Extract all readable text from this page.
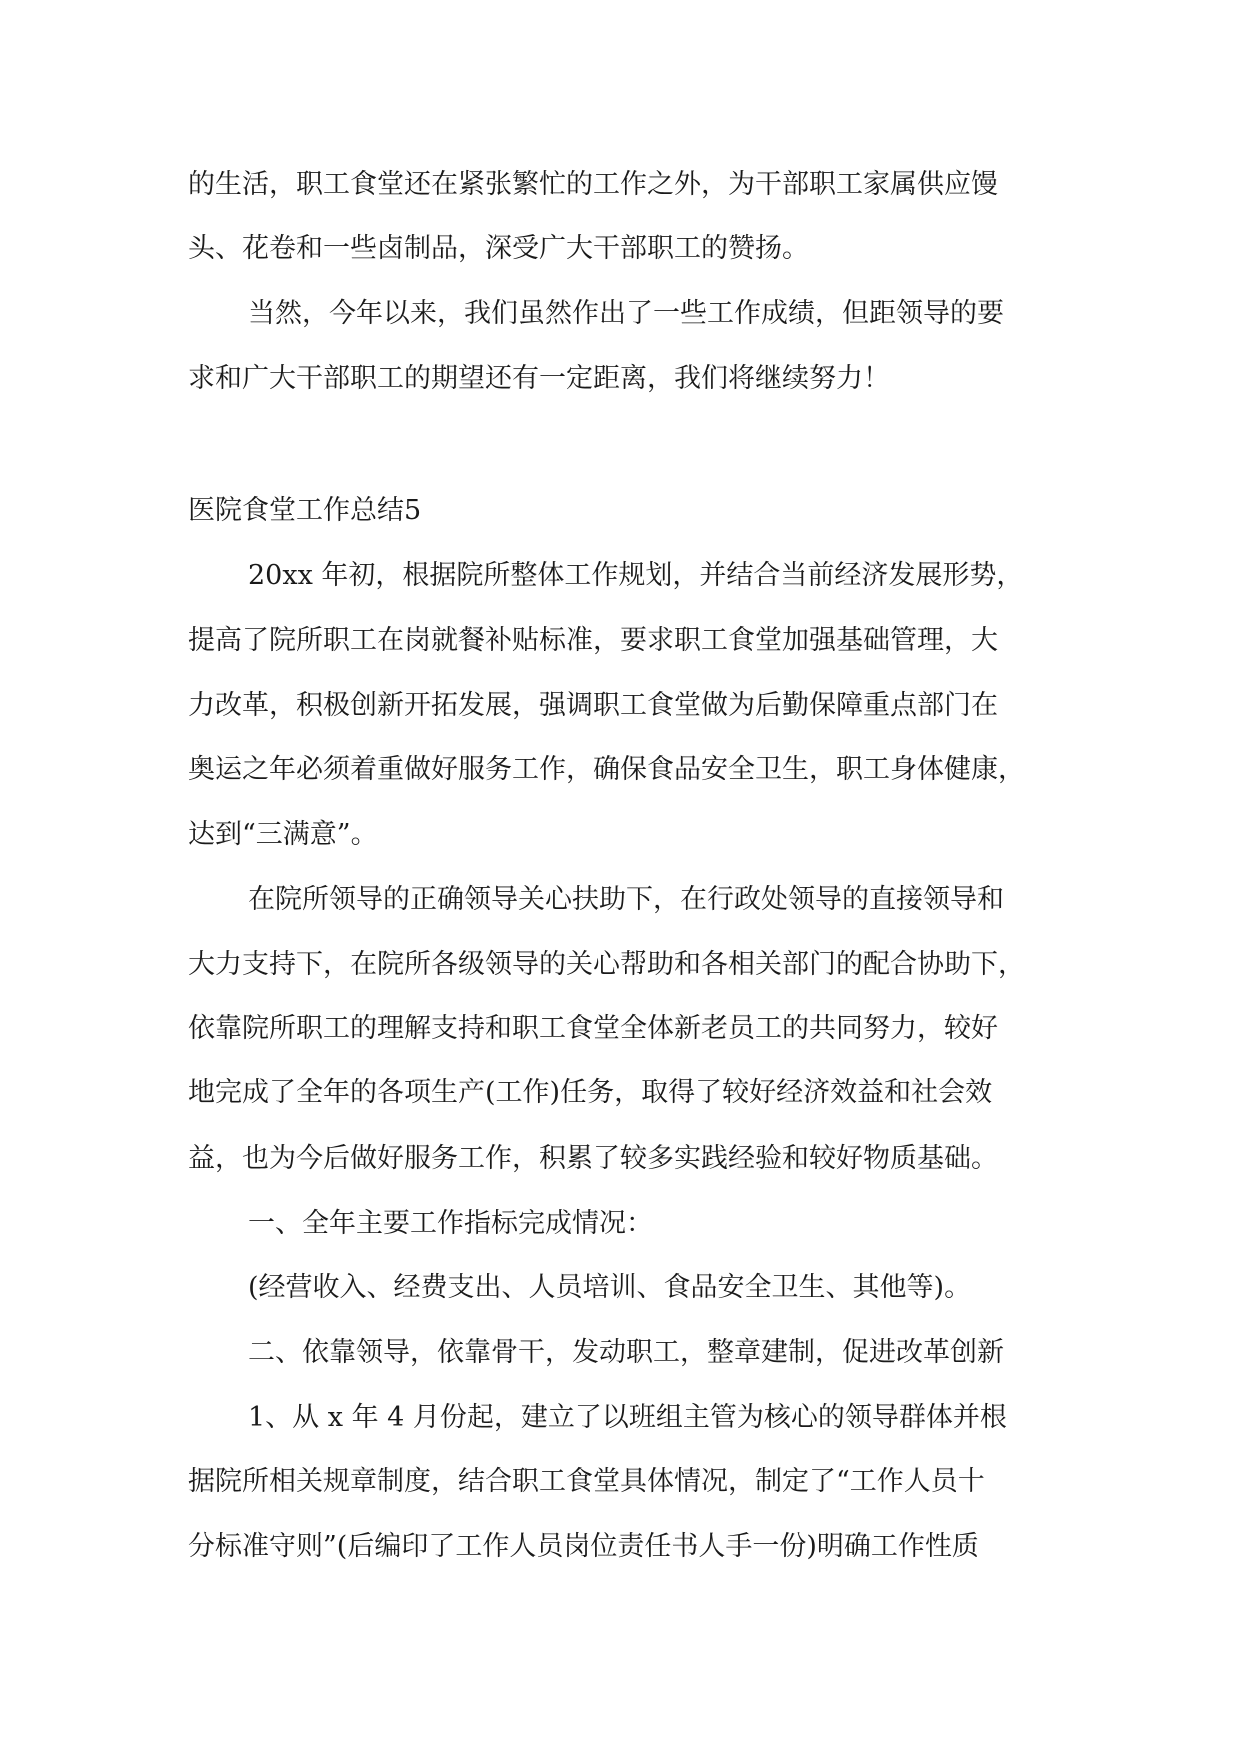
的生活，职工食堂还在紧张繁忙的工作之外，为干部职工家属供应馒
头、花卷和一些卤制品，深受广大干部职工的赞扬。
当然，今年以来，我们虽然作出了一些工作成绩，但距领导的要
求和广大干部职工的期望还有一定距离，我们将继续努力！
医院食堂工作总结5
20xx 年初，根据院所整体工作规划，并结合当前经济发展形势，
提高了院所职工在岗就餐补贴标准，要求职工食堂加强基础管理，大
力改革，积极创新开拓发展，强调职工食堂做为后勤保障重点部门在
奥运之年必须着重做好服务工作，确保食品安全卫生，职工身体健康，
达到“三满意”。
在院所领导的正确领导关心扶助下，在行政处领导的直接领导和
大力支持下，在院所各级领导的关心帮助和各相关部门的配合协助下，
依靠院所职工的理解支持和职工食堂全体新老员工的共同努力，较好
地完成了全年的各项生产(工作)任务，取得了较好经济效益和社会效
益，也为今后做好服务工作，积累了较多实践经验和较好物质基础。
一、全年主要工作指标完成情况：
(经营收入、经费支出、人员培训、食品安全卫生、其他等)。
二、依靠领导，依靠骨干，发动职工，整章建制，促进改革创新
1、从 x 年 4 月份起，建立了以班组主管为核心的领导群体并根
据院所相关规章制度，结合职工食堂具体情况，制定了“工作人员十
分标准守则”(后编印了工作人员岗位责任书人手一份)明确工作性质
